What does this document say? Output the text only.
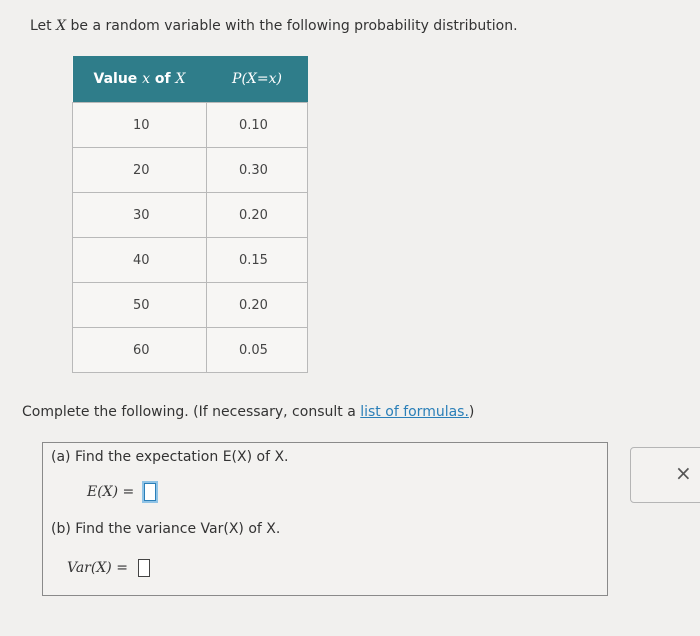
Let X be a random variable with the following probability distribution.
Value x of X	P(X=x)
10	0.10
20	0.30
30	0.20
40	0.15
50	0.20
60	0.05
Complete the following. (If necessary, consult a list of formulas.)
(a) Find the expectation E(X) of X.
E(X) =
(b) Find the variance Var(X) of X.
Var(X) =
×
